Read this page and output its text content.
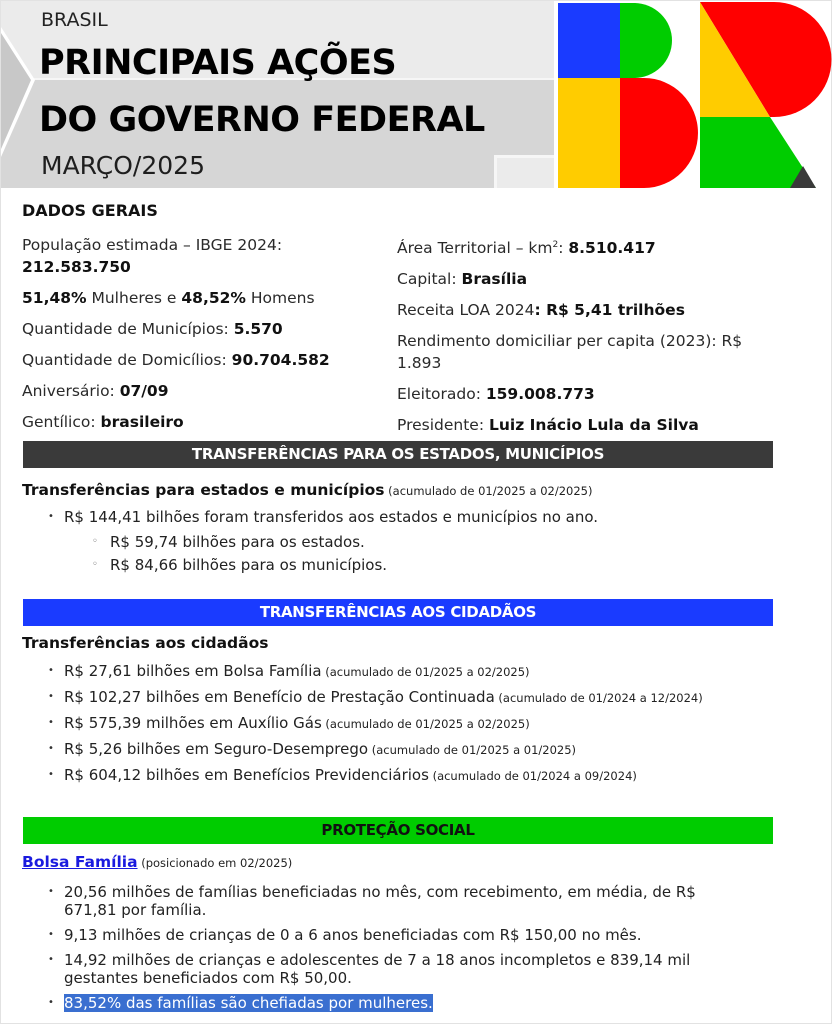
BRASIL
PRINCIPAIS AÇÕES
DO GOVERNO FEDERAL
MARÇO/2025
DADOS GERAIS
População estimada – IBGE 2024: 212.583.750
51,48% Mulheres e 48,52% Homens
Quantidade de Municípios: 5.570
Quantidade de Domicílios: 90.704.582
Aniversário: 07/09
Gentílico: brasileiro
Área Territorial – $km^2$: 8.510.417
Capital: Brasília
Receita LOA 2024: R$ 5,41 trilhões
Rendimento domiciliar per capita (2023): R$ 1.893
Eleitorado: 159.008.773
Presidente: Luiz Inácio Lula da Silva
TRANSFERÊNCIAS PARA OS ESTADOS, MUNICÍPIOS
Transferências para estados e municípios (acumulado de 01/2025 a 02/2025)
• R$ 144,41 bilhões foram transferidos aos estados e municípios no ano.
◦ R$ 59,74 bilhões para os estados.
◦ R$ 84,66 bilhões para os municípios.
TRANSFERÊNCIAS AOS CIDADÃOS
Transferências aos cidadãos
• R$ 27,61 bilhões em Bolsa Família (acumulado de 01/2025 a 02/2025)
• R$ 102,27 bilhões em Benefício de Prestação Continuada (acumulado de 01/2024 a 12/2024)
• R$ 575,39 milhões em Auxílio Gás (acumulado de 01/2025 a 02/2025)
• R$ 5,26 bilhões em Seguro-Desemprego (acumulado de 01/2025 a 01/2025)
• R$ 604,12 bilhões em Benefícios Previdenciários (acumulado de 01/2024 a 09/2024)
PROTEÇÃO SOCIAL
Bolsa Família (posicionado em 02/2025)
• 20,56 milhões de famílias beneficiadas no mês, com recebimento, em média, de R$ 671,81 por família.
• 9,13 milhões de crianças de 0 a 6 anos beneficiadas com R$ 150,00 no mês.
• 14,92 milhões de crianças e adolescentes de 7 a 18 anos incompletos e 839,14 mil gestantes beneficiados com R$ 50,00.
• 83,52% das famílias são chefiadas por mulheres.
